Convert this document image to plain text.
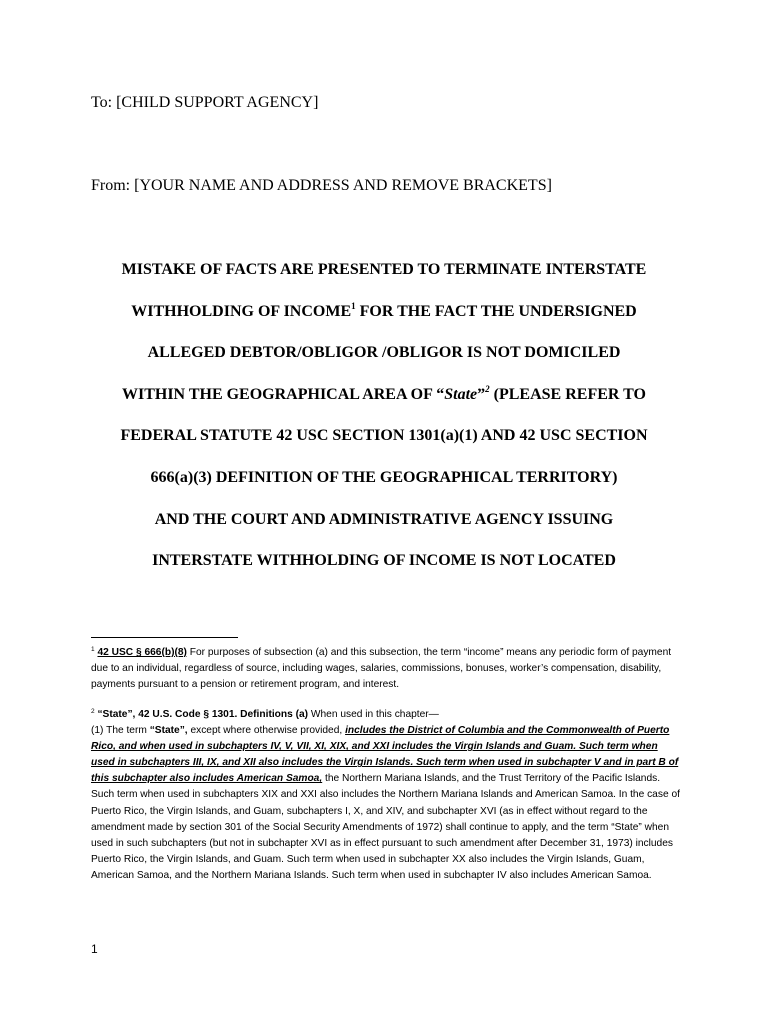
To: [CHILD SUPPORT AGENCY]
From: [YOUR NAME AND ADDRESS AND REMOVE BRACKETS]
MISTAKE OF FACTS ARE PRESENTED TO TERMINATE INTERSTATE
WITHHOLDING OF INCOME$^1$ FOR THE FACT THE UNDERSIGNED
ALLEGED DEBTOR/OBLIGOR /OBLIGOR IS NOT DOMICILED
WITHIN THE GEOGRAPHICAL AREA OF “State”$^2$ (PLEASE REFER TO
FEDERAL STATUTE 42 USC SECTION 1301(a)(1) AND 42 USC SECTION
666(a)(3) DEFINITION OF THE GEOGRAPHICAL TERRITORY)
AND THE COURT AND ADMINISTRATIVE AGENCY ISSUING
INTERSTATE WITHHOLDING OF INCOME IS NOT LOCATED
$^1$ 42 USC § 666(b)(8) For purposes of subsection (a) and this subsection, the term “income” means any periodic form of payment due to an individual, regardless of source, including wages, salaries, commissions, bonuses, worker’s compensation, disability, payments pursuant to a pension or retirement program, and interest.
$^2$ “State”, 42 U.S. Code § 1301. Definitions (a) When used in this chapter—
(1) The term “State”, except where otherwise provided, includes the District of Columbia and the Commonwealth of Puerto Rico, and when used in subchapters IV, V, VII, XI, XIX, and XXI includes the Virgin Islands and Guam. Such term when used in subchapters III, IX, and XII also includes the Virgin Islands. Such term when used in subchapter V and in part B of this subchapter also includes American Samoa, the Northern Mariana Islands, and the Trust Territory of the Pacific Islands. Such term when used in subchapters XIX and XXI also includes the Northern Mariana Islands and American Samoa. In the case of Puerto Rico, the Virgin Islands, and Guam, subchapters I, X, and XIV, and subchapter XVI (as in effect without regard to the amendment made by section 301 of the Social Security Amendments of 1972) shall continue to apply, and the term “State” when used in such subchapters (but not in subchapter XVI as in effect pursuant to such amendment after December 31, 1973) includes Puerto Rico, the Virgin Islands, and Guam. Such term when used in subchapter XX also includes the Virgin Islands, Guam, American Samoa, and the Northern Mariana Islands. Such term when used in subchapter IV also includes American Samoa.
1
